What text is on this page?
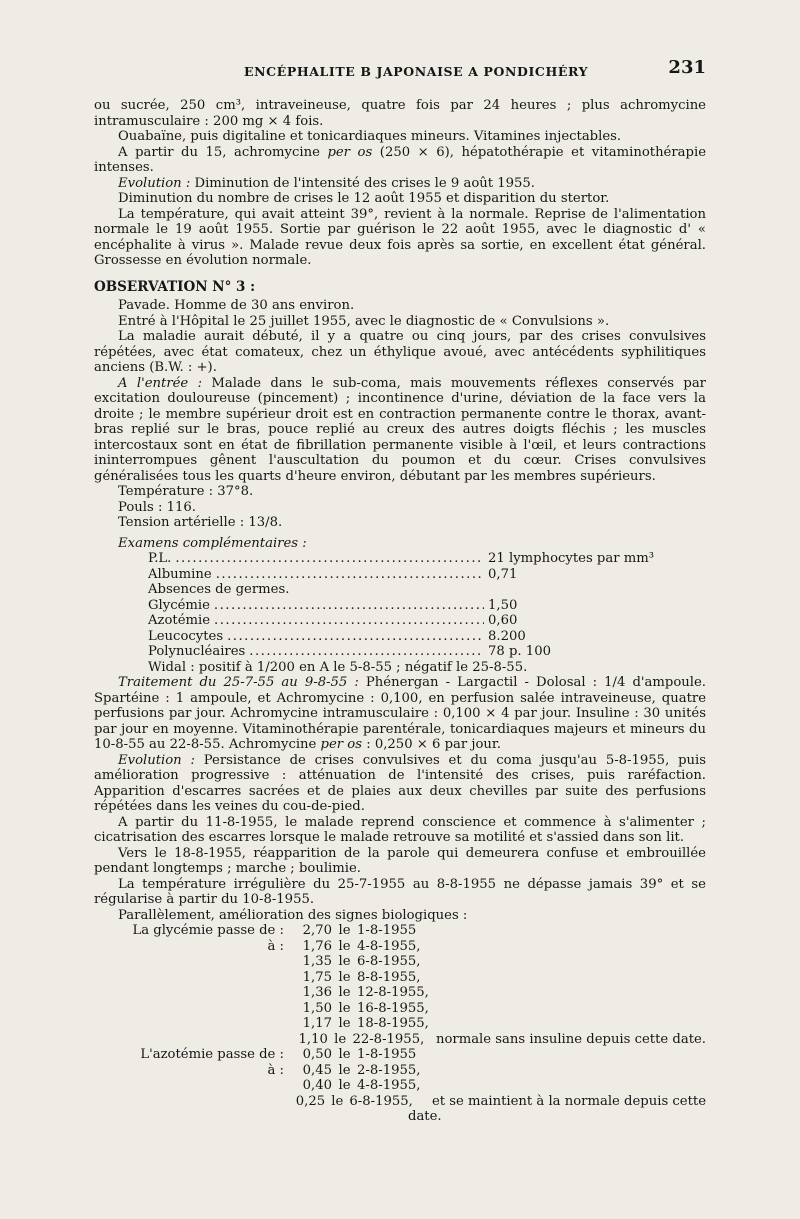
ENCÉPHALITE B JAPONAISE A PONDICHÉRY	231

ou sucrée, 250 cm³, intraveineuse, quatre fois par 24 heures ; plus achromycine intramusculaire : 200 mg × 4 fois.

Ouabaïne, puis digitaline et tonicardiaques mineurs. Vitamines injectables.

A partir du 15, achromycine per os (250 × 6), hépatothérapie et vitaminothérapie intenses.

Evolution : Diminution de l'intensité des crises le 9 août 1955.

Diminution du nombre de crises le 12 août 1955 et disparition du stertor.

La température, qui avait atteint 39°, revient à la normale. Reprise de l'alimentation normale le 19 août 1955. Sortie par guérison le 22 août 1955, avec le diagnostic d' « encéphalite à virus ». Malade revue deux fois après sa sortie, en excellent état général. Grossesse en évolution normale.

OBSERVATION N° 3 :

Pavade. Homme de 30 ans environ.

Entré à l'Hôpital le 25 juillet 1955, avec le diagnostic de « Convulsions ».

La maladie aurait débuté, il y a quatre ou cinq jours, par des crises convulsives répétées, avec état comateux, chez un éthylique avoué, avec antécédents syphilitiques anciens (B.W. : +).

A l'entrée : Malade dans le sub-coma, mais mouvements réflexes conservés par excitation douloureuse (pincement) ; incontinence d'urine, déviation de la face vers la droite ; le membre supérieur droit est en contraction permanente contre le thorax, avant-bras replié sur le bras, pouce replié au creux des autres doigts fléchis ; les muscles intercostaux sont en état de fibrillation permanente visible à l'œil, et leurs contractions ininterrompues gênent l'auscultation du poumon et du cœur. Crises convulsives généralisées tous les quarts d'heure environ, débutant par les membres supérieurs.

Température : 37°8.
Pouls : 116.
Tension artérielle : 13/8.

Examens complémentaires :

P.L. .....	21 lymphocytes par mm³
Albumine .....	0,71
Absences de germes.
Glycémie .....	1,50
Azotémie .....	0,60
Leucocytes .....	8.200
Polynucléaires .....	78 p. 100
Widal : positif à 1/200 en A le 5-8-55 ; négatif le 25-8-55.

Traitement du 25-7-55 au 9-8-55 : Phénergan - Largactil - Dolosal : 1/4 d'ampoule. Spartéine : 1 ampoule, et Achromycine : 0,100, en perfusion salée intraveineuse, quatre perfusions par jour. Achromycine intramusculaire : 0,100 × 4 par jour. Insuline : 30 unités par jour en moyenne. Vitaminothérapie parentérale, tonicardiaques majeurs et mineurs du 10-8-55 au 22-8-55. Achromycine per os : 0,250 × 6 par jour.

Evolution : Persistance de crises convulsives et du coma jusqu'au 5-8-1955, puis amélioration progressive : atténuation de l'intensité des crises, puis raréfaction. Apparition d'escarres sacrées et de plaies aux deux chevilles par suite des perfusions répétées dans les veines du cou-de-pied.

A partir du 11-8-1955, le malade reprend conscience et commence à s'alimenter ; cicatrisation des escarres lorsque le malade retrouve sa motilité et s'assied dans son lit.

Vers le 18-8-1955, réapparition de la parole qui demeurera confuse et embrouillée pendant longtemps ; marche ; boulimie.

La température irrégulière du 25-7-1955 au 8-8-1955 ne dépasse jamais 39° et se régularise à partir du 10-8-1955.

Parallèlement, amélioration des signes biologiques :

La glycémie passe de :	2,70 le 1-8-1955
à :	1,76 le 4-8-1955,
1,35 le 6-8-1955,
1,75 le 8-8-1955,
1,36 le 12-8-1955,
1,50 le 16-8-1955,
1,17 le 18-8-1955,
1,10 le 22-8-1955, normale sans insuline depuis cette date.
L'azotémie passe de :	0,50 le 1-8-1955
à :	0,45 le 2-8-1955,
0,40 le 4-8-1955,
0,25 le 6-8-1955,	et se maintient à la normale depuis cette
date.
